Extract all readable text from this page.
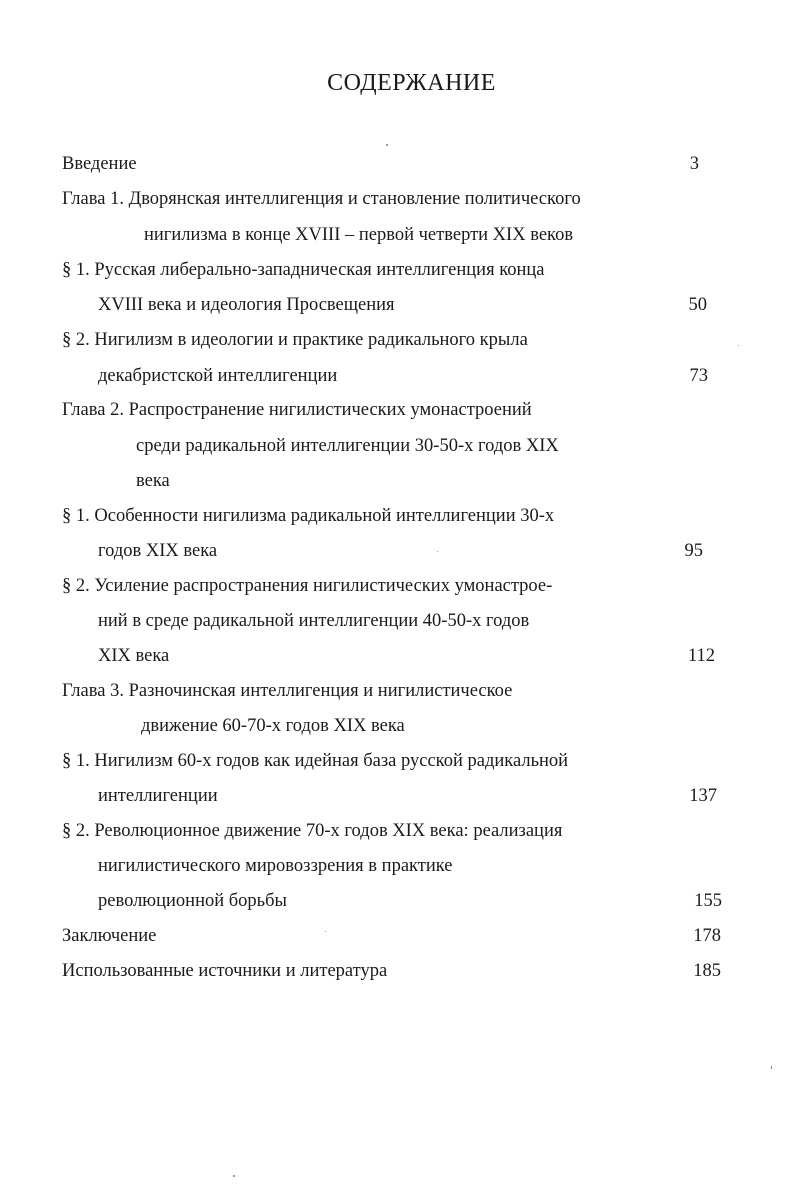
СОДЕРЖАНИЕ
Введение	3
Глава 1. Дворянская интеллигенция и становление политического
нигилизма в конце XVIII – первой четверти XIX веков
§ 1. Русская либерально-западническая интеллигенция конца
XVIII века и идеология Просвещения	50
§ 2. Нигилизм в идеологии и практике радикального крыла
декабристской интеллигенции	73
Глава 2. Распространение нигилистических умонастроений
среди радикальной интеллигенции 30-50-х годов XIX
века
§ 1. Особенности нигилизма радикальной интеллигенции 30-х
годов XIX века	95
§ 2. Усиление распространения нигилистических умонастрое-
ний в среде радикальной интеллигенции 40-50-х годов
XIX века	112
Глава 3. Разночинская интеллигенция и нигилистическое
движение 60-70-х годов XIX века
§ 1. Нигилизм 60-х годов как идейная база русской радикальной
интеллигенции	137
§ 2. Революционное движение 70-х годов XIX века: реализация
нигилистического мировоззрения в практике
революционной борьбы	155
Заключение	178
Использованные источники и литература	185
